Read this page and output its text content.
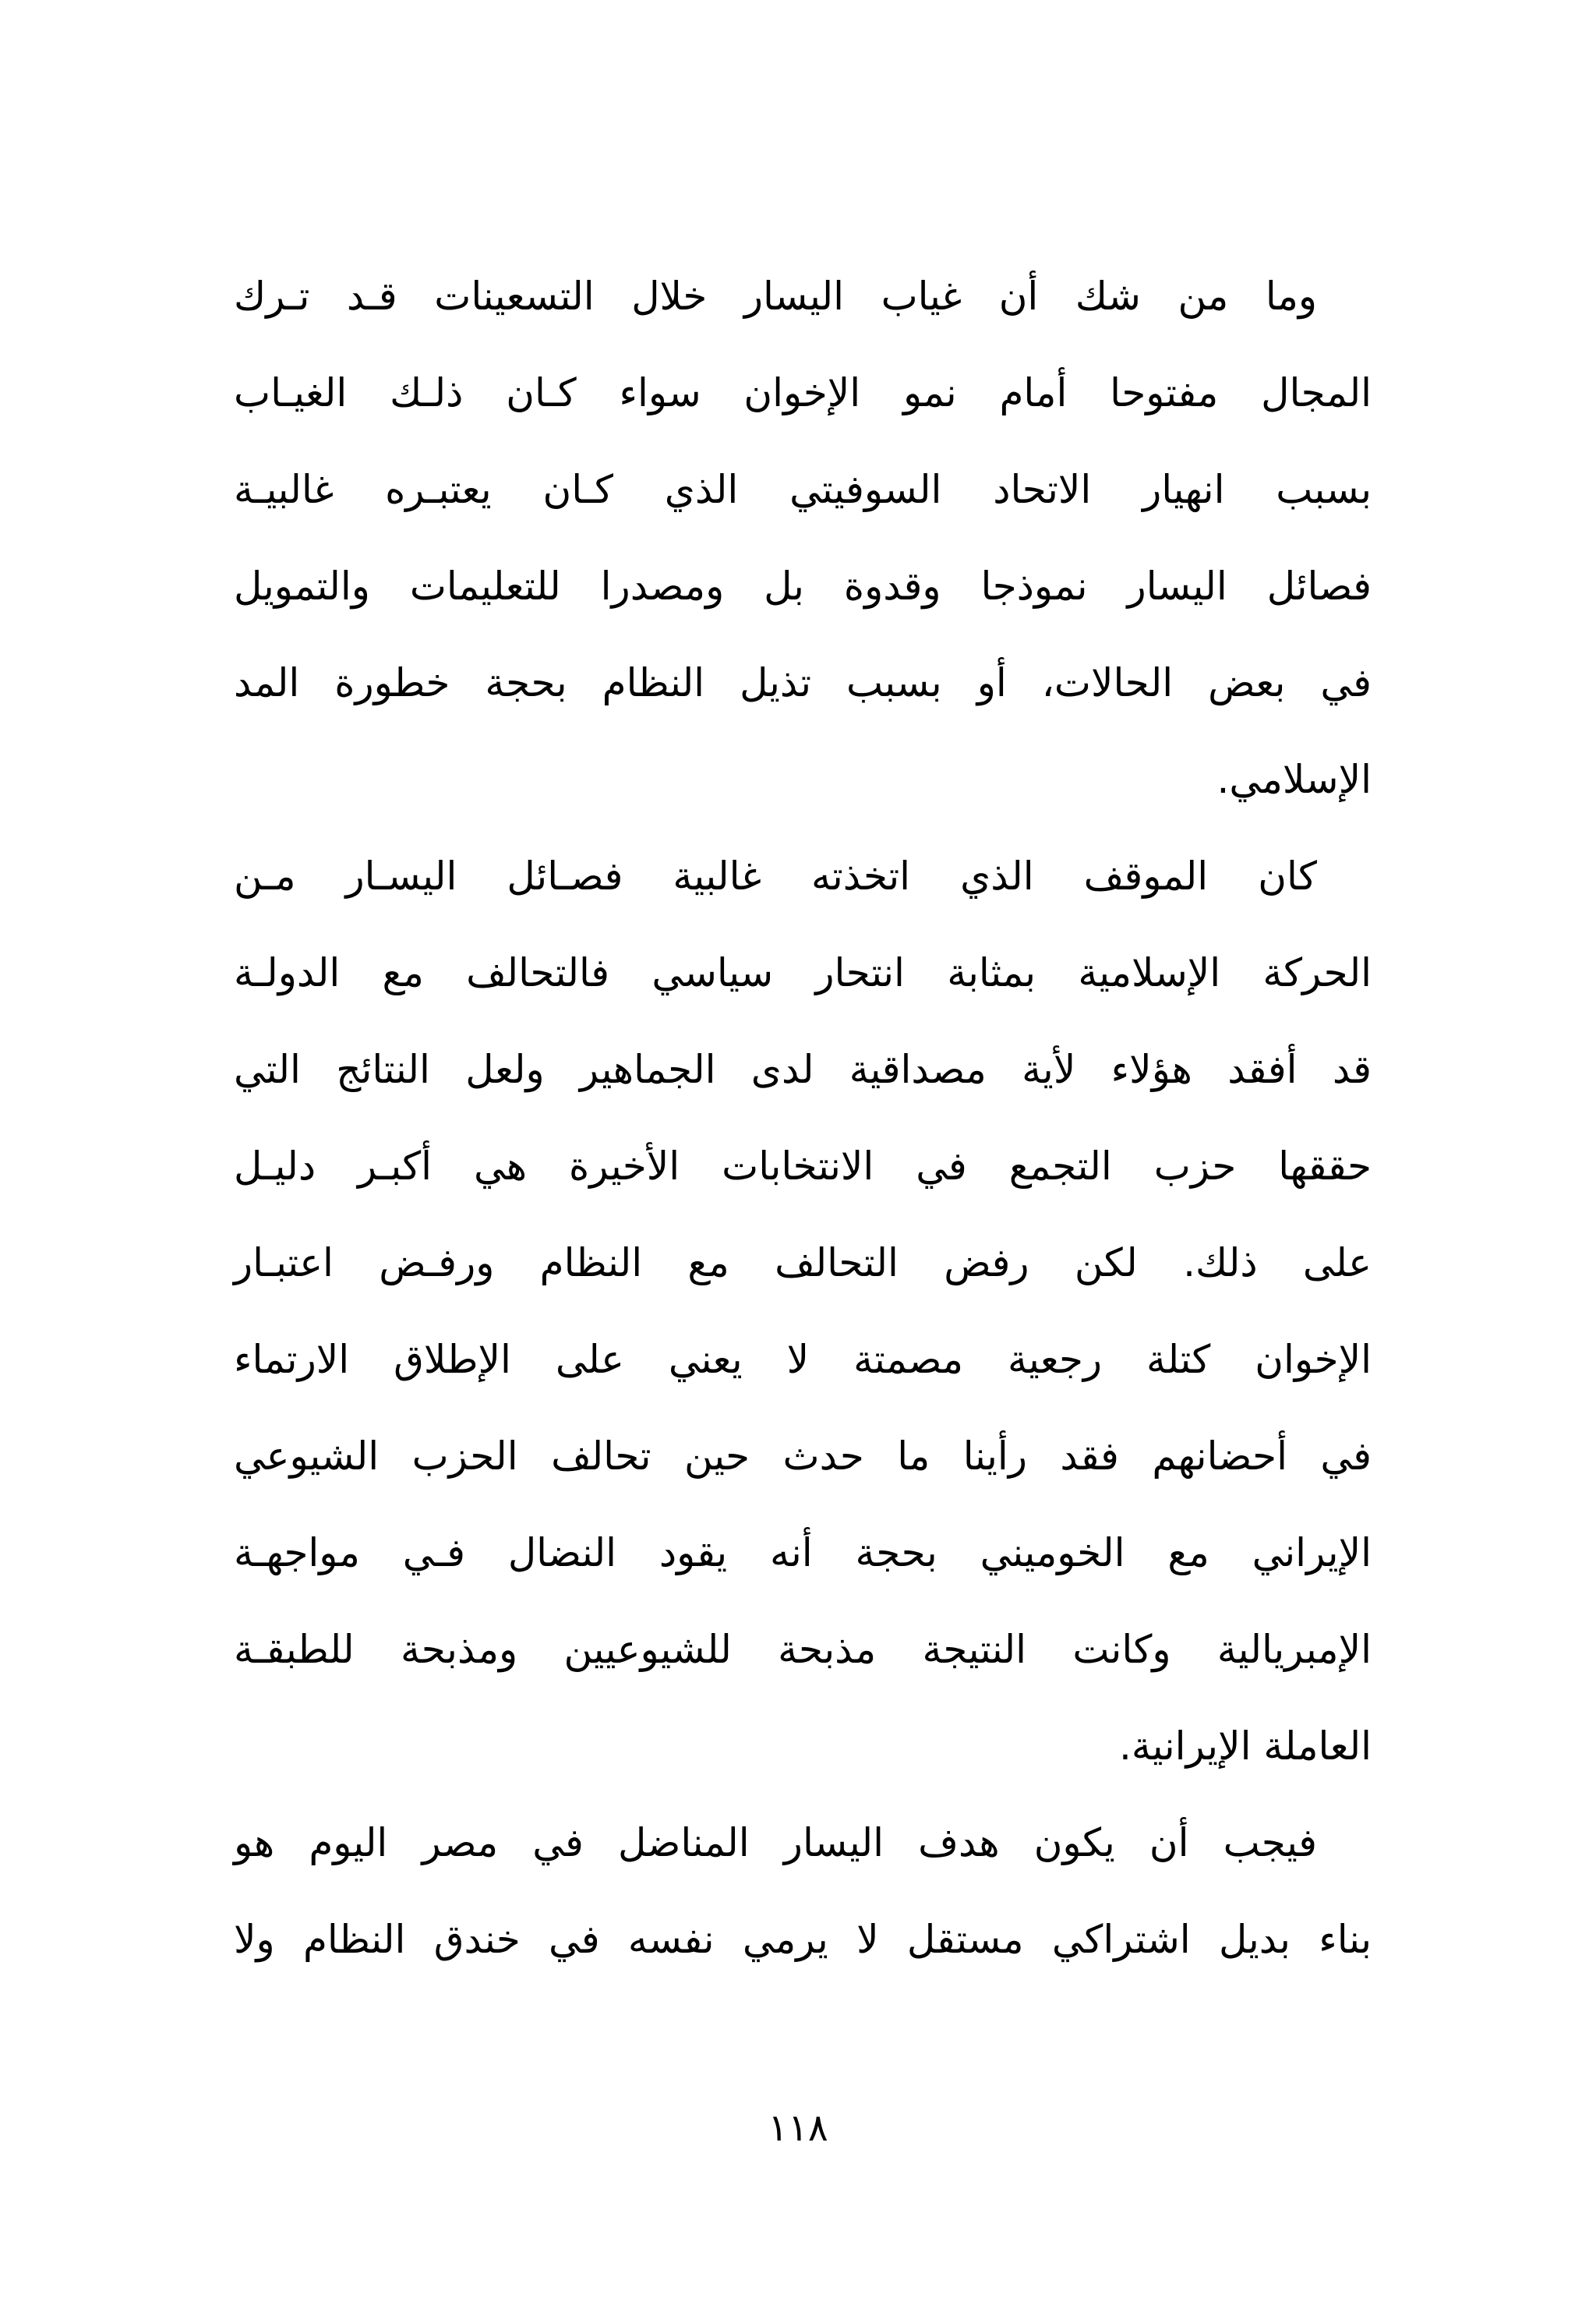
وما من شك أن غياب اليسار خلال التسعينات قـد تـرك
المجال مفتوحا أمام نمو الإخوان سواء كـان ذلـك الغيـاب
بسبب انهيار الاتحاد السوفيتي الذي كـان يعتبـره غالبيـة
فصائل اليسار نموذجا وقدوة بل ومصدرا للتعليمات والتمويل
في بعض الحالات، أو بسبب تذيل النظام بحجة خطورة المد
الإسلامي.
كان الموقف الذي اتخذته غالبية فصـائل اليسـار مـن
الحركة الإسلامية بمثابة انتحار سياسي فالتحالف مع الدولـة
قد أفقد هؤلاء لأية مصداقية لدى الجماهير ولعل النتائج التي
حققها حزب التجمع في الانتخابات الأخيرة هي أكبـر دليـل
على ذلك. لكن رفض التحالف مع النظام ورفـض اعتبـار
الإخوان كتلة رجعية مصمتة لا يعني على الإطلاق الارتماء
في أحضانهم فقد رأينا ما حدث حين تحالف الحزب الشيوعي
الإيراني مع الخوميني بحجة أنه يقود النضال فـي مواجهـة
الإمبريالية وكانت النتيجة مذبحة للشيوعيين ومذبحة للطبقـة
العاملة الإيرانية.
فيجب أن يكون هدف اليسار المناضل في مصر اليوم هو
بناء بديل اشتراكي مستقل لا يرمي نفسه في خندق النظام ولا
١١٨
